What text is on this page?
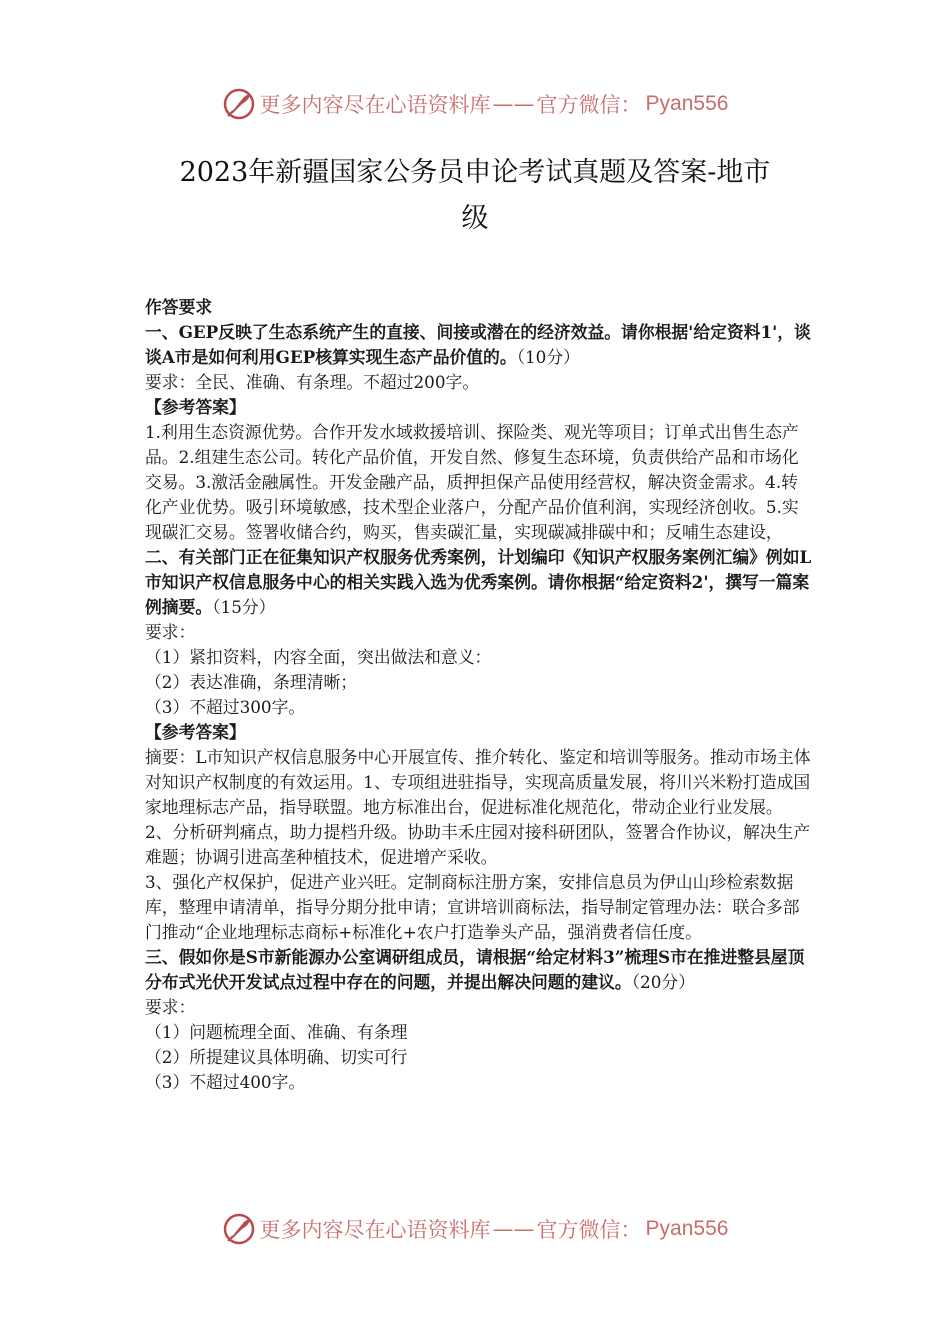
更多内容尽在心语资料库 —— 官方微信： Pyan556
2023年新疆国家公务员申论考试真题及答案-地市
级

作答要求

一、GEP反映了生态系统产生的直接、间接或潜在的经济效益。请你根据'给定资料1'，谈谈A市是如何利用GEP核算实现生态产品价值的。（10分）

要求：全民、准确、有条理。不超过200字。

【参考答案】

1.利用生态资源优势。合作开发水域救援培训、探险类、观光等项目；订单式出售生态产品。2.组建生态公司。转化产品价值，开发自然、修复生态环境，负责供给产品和市场化交易。3.激活金融属性。开发金融产品，质押担保产品使用经营权，解决资金需求。4.转化产业优势。吸引环境敏感，技术型企业落户，分配产品价值利润，实现经济创收。5.实现碳汇交易。签署收储合约，购买，售卖碳汇量，实现碳减排碳中和；反哺生态建设，

二、有关部门正在征集知识产权服务优秀案例，计划编印《知识产权服务案例汇编》例如L市知识产权信息服务中心的相关实践入选为优秀案例。请你根据“给定资料2'，撰写一篇案例摘要。（15分）

要求：

（1）紧扣资料，内容全面，突出做法和意义：

（2）表达准确，条理清晰；

（3）不超过300字。

【参考答案】

摘要：L市知识产权信息服务中心开展宣传、推介转化、鉴定和培训等服务。推动市场主体对知识产权制度的有效运用。1、专项组进驻指导，实现高质量发展，将川兴米粉打造成国家地理标志产品，指导联盟。地方标准出台，促进标准化规范化，带动企业行业发展。

2、分析研判痛点，助力提档升级。协助丰禾庄园对接科研团队，签署合作协议，解决生产难题；协调引进高垄种植技术，促进增产采收。

3、强化产权保护，促进产业兴旺。定制商标注册方案，安排信息员为伊山山珍检索数据库，整理申请清单，指导分期分批申请；宣讲培训商标法，指导制定管理办法：联合多部门推动“企业地理标志商标+标准化+农户打造拳头产品，强消费者信任度。

三、假如你是S市新能源办公室调研组成员，请根据“给定材料3”梳理S市在推进整县屋顶分布式光伏开发试点过程中存在的问题，并提出解决问题的建议。（20分）

要求：

（1）问题梳理全面、准确、有条理

（2）所提建议具体明确、切实可行

（3）不超过400字。

更多内容尽在心语资料库 —— 官方微信： Pyan556
